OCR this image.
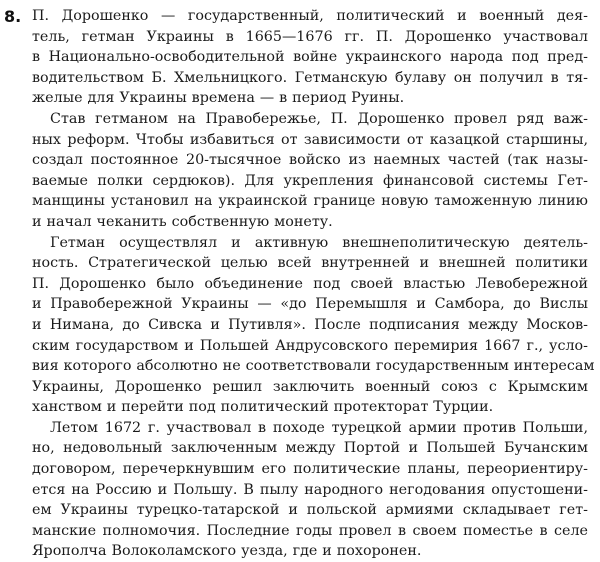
8. П. Дорошенко — государственный, политический и военный дея-
тель, гетман Украины в 1665—1676 гг. П. Дорошенко участвовал
в Национально-освободительной войне украинского народа под пред-
водительством Б. Хмельницкого. Гетманскую булаву он получил в тя-
желые для Украины времена — в период Руины.

Став гетманом на Правобережье, П. Дорошенко провел ряд важ-
ных реформ. Чтобы избавиться от зависимости от казацкой старшины,
создал постоянное 20-тысячное войско из наемных частей (так назы-
ваемые полки сердюков). Для укрепления финансовой системы Гет-
манщины установил на украинской границе новую таможенную линию
и начал чеканить собственную монету.

Гетман осуществлял и активную внешнеполитическую деятель-
ность. Стратегической целью всей внутренней и внешней политики
П. Дорошенко было объединение под своей властью Левобережной
и Правобережной Украины — «до Перемышля и Самбора, до Вислы
и Нимана, до Сивска и Путивля». После подписания между Москов-
ским государством и Польшей Андрусовского перемирия 1667 г., усло-
вия которого абсолютно не соответствовали государственным интересам
Украины, Дорошенко решил заключить военный союз с Крымским
ханством и перейти под политический протекторат Турции.

Летом 1672 г. участвовал в походе турецкой армии против Польши,
но, недовольный заключенным между Портой и Польшей Бучанским
договором, перечеркнувшим его политические планы, переориентиру-
ется на Россию и Польшу. В пылу народного негодования опустошени-
ем Украины турецко-татарской и польской армиями складывает гет-
манские полномочия. Последние годы провел в своем поместье в селе
Ярополча Волоколамского уезда, где и похоронен.
